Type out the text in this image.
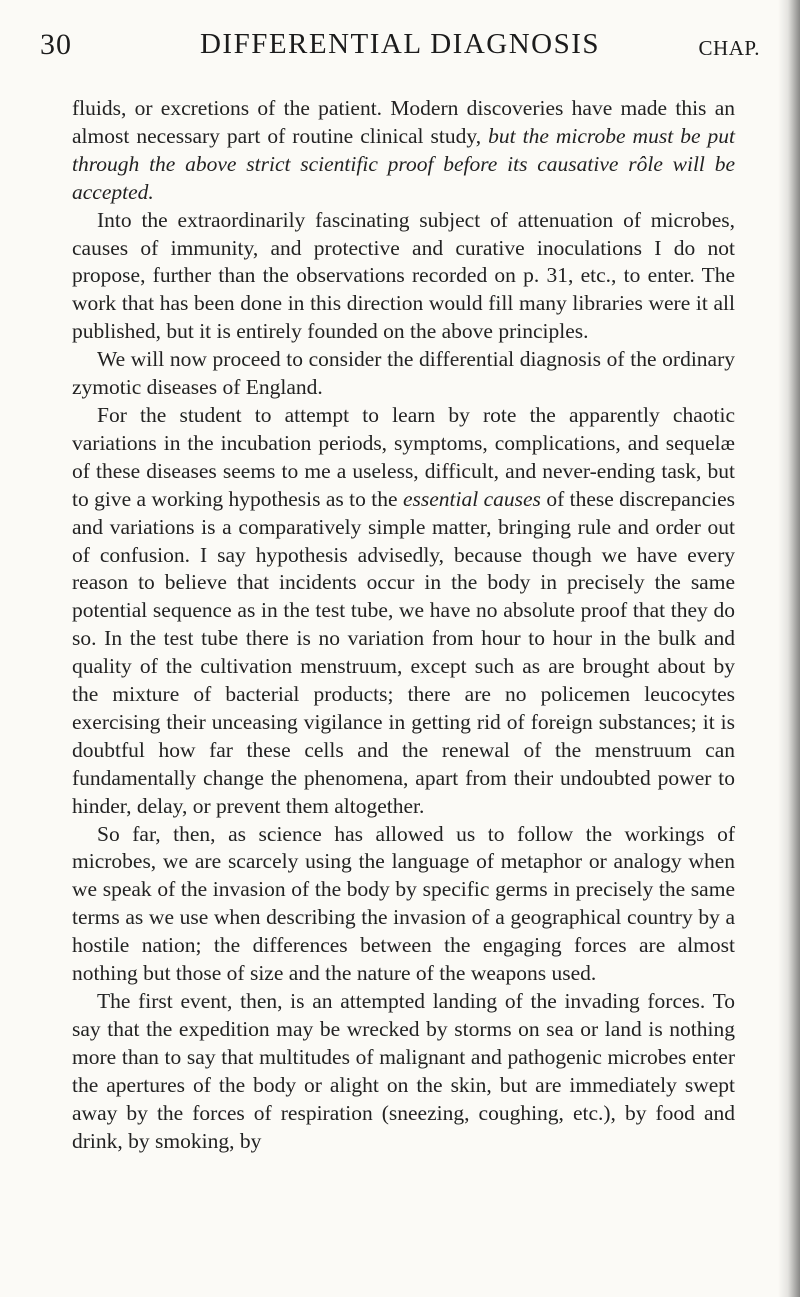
30	DIFFERENTIAL DIAGNOSIS	CHAP.

fluids, or excretions of the patient. Modern discoveries have made this an almost necessary part of routine clinical study, but the microbe must be put through the above strict scientific proof before its causative rôle will be accepted.

Into the extraordinarily fascinating subject of attenuation of microbes, causes of immunity, and protective and curative inoculations I do not propose, further than the observations recorded on p. 31, etc., to enter. The work that has been done in this direction would fill many libraries were it all published, but it is entirely founded on the above principles.

We will now proceed to consider the differential diagnosis of the ordinary zymotic diseases of England.

For the student to attempt to learn by rote the apparently chaotic variations in the incubation periods, symptoms, complications, and sequelæ of these diseases seems to me a useless, difficult, and never-ending task, but to give a working hypothesis as to the essential causes of these discrepancies and variations is a comparatively simple matter, bringing rule and order out of confusion. I say hypothesis advisedly, because though we have every reason to believe that incidents occur in the body in precisely the same potential sequence as in the test tube, we have no absolute proof that they do so. In the test tube there is no variation from hour to hour in the bulk and quality of the cultivation menstruum, except such as are brought about by the mixture of bacterial products; there are no policemen leucocytes exercising their unceasing vigilance in getting rid of foreign substances; it is doubtful how far these cells and the renewal of the menstruum can fundamentally change the phenomena, apart from their undoubted power to hinder, delay, or prevent them altogether.

So far, then, as science has allowed us to follow the workings of microbes, we are scarcely using the language of metaphor or analogy when we speak of the invasion of the body by specific germs in precisely the same terms as we use when describing the invasion of a geographical country by a hostile nation; the differences between the engaging forces are almost nothing but those of size and the nature of the weapons used.

The first event, then, is an attempted landing of the invading forces. To say that the expedition may be wrecked by storms on sea or land is nothing more than to say that multitudes of malignant and pathogenic microbes enter the apertures of the body or alight on the skin, but are immediately swept away by the forces of respiration (sneezing, coughing, etc.), by food and drink, by smoking, by
